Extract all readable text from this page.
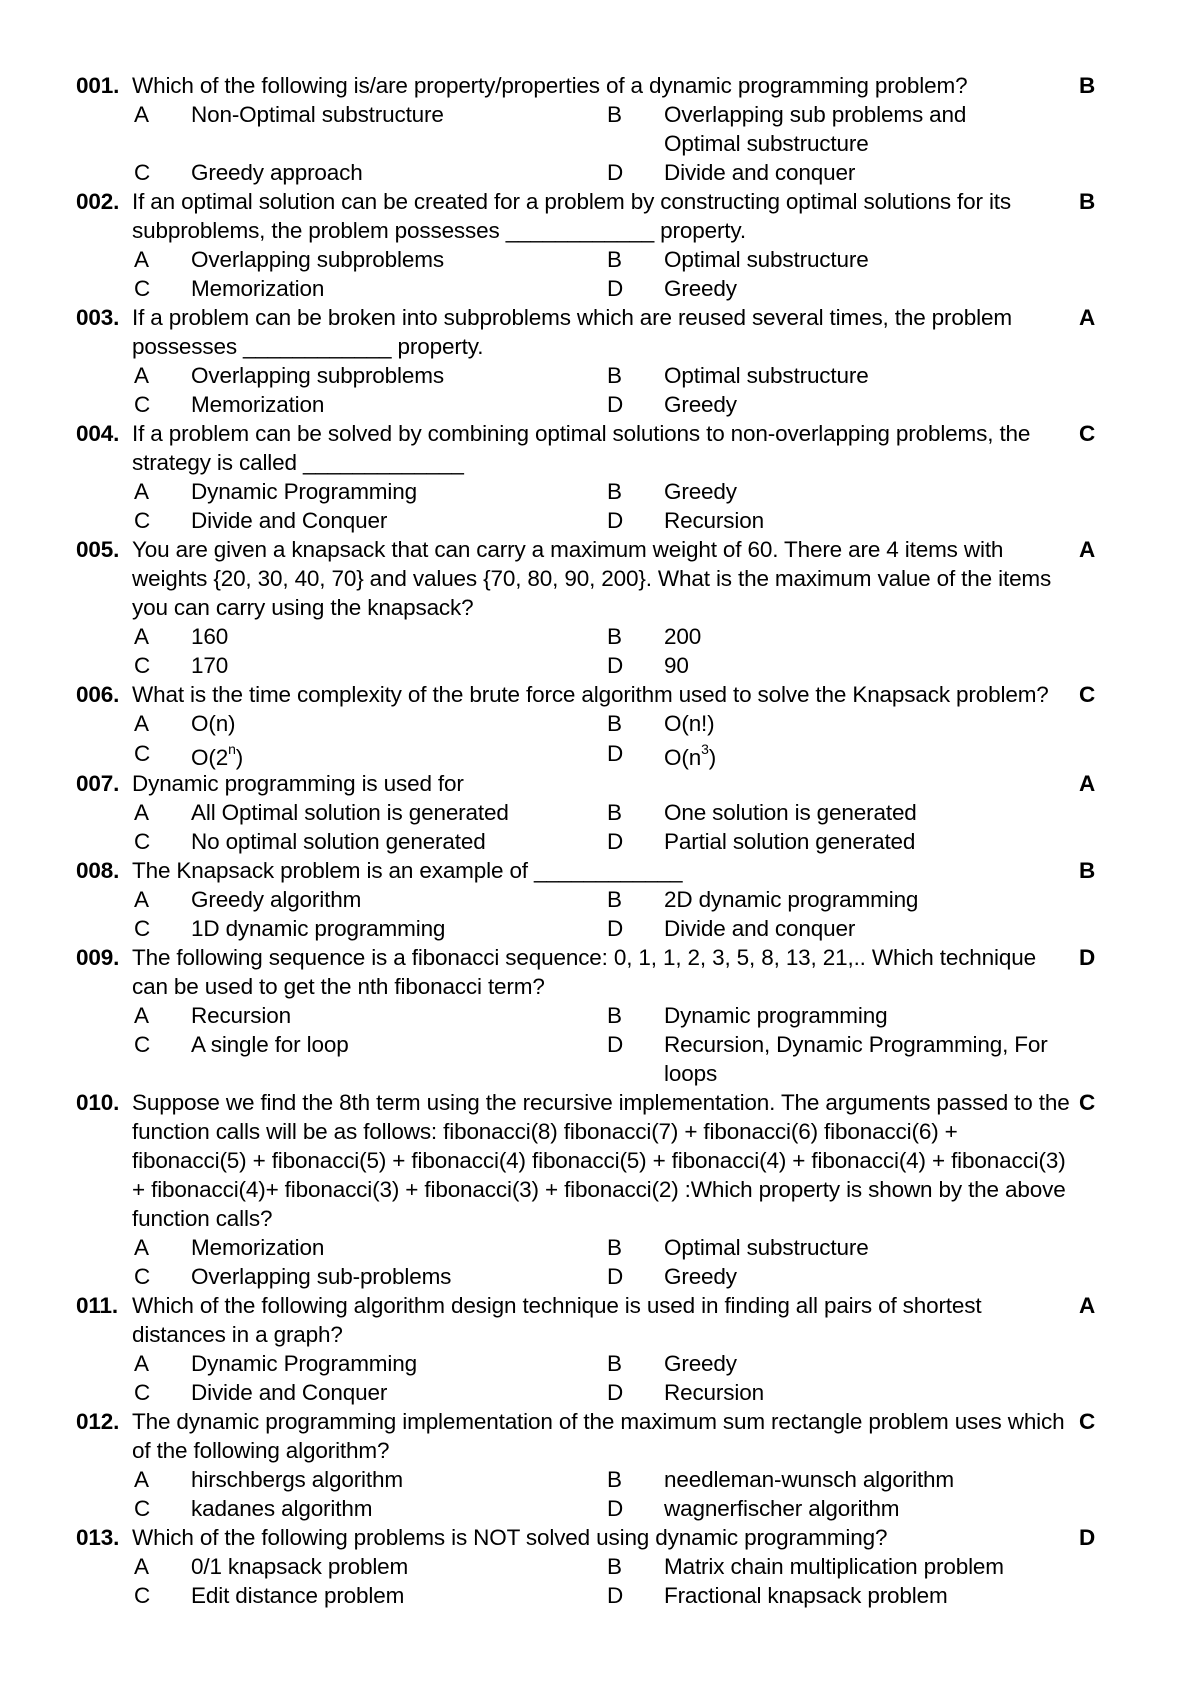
001. Which of the following is/are property/properties of a dynamic programming problem?	B
A Non-Optimal substructure	B Overlapping sub problems and Optimal substructure
C Greedy approach	D Divide and conquer
002. If an optimal solution can be created for a problem by constructing optimal solutions for its subproblems, the problem possesses ____________ property.
B
A Overlapping subproblems	B Optimal substructure
C Memorization	D Greedy
003. If a problem can be broken into subproblems which are reused several times, the problem possesses ____________ property.
A
A Overlapping subproblems	B Optimal substructure
C Memorization	D Greedy
004. If a problem can be solved by combining optimal solutions to non-overlapping problems, the strategy is called _____________
C
A Dynamic Programming	B Greedy
C Divide and Conquer	D Recursion
005. You are given a knapsack that can carry a maximum weight of 60. There are 4 items with weights {20, 30, 40, 70} and values {70, 80, 90, 200}. What is the maximum value of the items you can carry using the knapsack?
A
A 160	B 200
C 170	D 90
006. What is the time complexity of the brute force algorithm used to solve the Knapsack problem? C
A O(n)	B O(n!)
C O(2$^n$)	D $O(n^3)$
007. Dynamic programming is used for	A
A All Optimal solution is generated	B One solution is generated
C No optimal solution generated	D Partial solution generated
008. The Knapsack problem is an example of ____________	B
A Greedy algorithm	B 2D dynamic programming
C 1D dynamic programming	D Divide and conquer
009. The following sequence is a fibonacci sequence: 0, 1, 1, 2, 3, 5, 8, 13, 21,.. Which technique can be used to get the nth fibonacci term?
D
A Recursion	B Dynamic programming
C A single for loop	D Recursion, Dynamic Programming, For loops
010. Suppose we find the 8th term using the recursive implementation. The arguments passed to the function calls will be as follows: fibonacci(8) fibonacci(7) + fibonacci(6) fibonacci(6) + fibonacci(5) + fibonacci(5) + fibonacci(4) fibonacci(5) + fibonacci(4) + fibonacci(4) + fibonacci(3) + fibonacci(4)+ fibonacci(3) + fibonacci(3) + fibonacci(2) :Which property is shown by the above function calls?
C
A Memorization	B Optimal substructure
C Overlapping sub-problems	D Greedy
011. Which of the following algorithm design technique is used in finding all pairs of shortest distances in a graph?
A
A Dynamic Programming	B Greedy
C Divide and Conquer	D Recursion
012. The dynamic programming implementation of the maximum sum rectangle problem uses which of the following algorithm?
C
A hirschbergs algorithm	B needleman-wunsch algorithm
C kadanes algorithm	D wagnerfischer algorithm
013. Which of the following problems is NOT solved using dynamic programming?	D
A 0/1 knapsack problem	B Matrix chain multiplication problem
C Edit distance problem	D Fractional knapsack problem
